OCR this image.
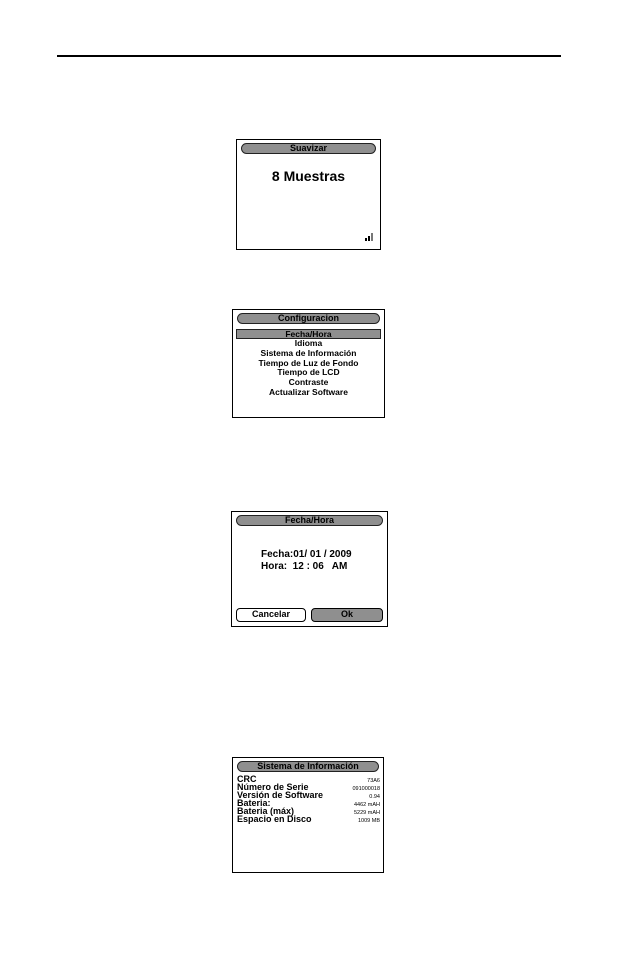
Suavizar
8 Muestras
Configuracion
Fecha/Hora
Idioma
Sistema de Información
Tiempo de Luz de Fondo
Tiempo de LCD
Contraste
Actualizar Software
Fecha/Hora
Fecha:01/ 01 / 2009
Hora:  12 : 06   AM
Cancelar	Ok
Sistema de Información
CRC	73A6
Número de Serie	091000018
Versión de Software	0.94
Bateria:	4462 mAH
Bateria (máx)	5229 mAH
Espacio en Disco	1009 MB
